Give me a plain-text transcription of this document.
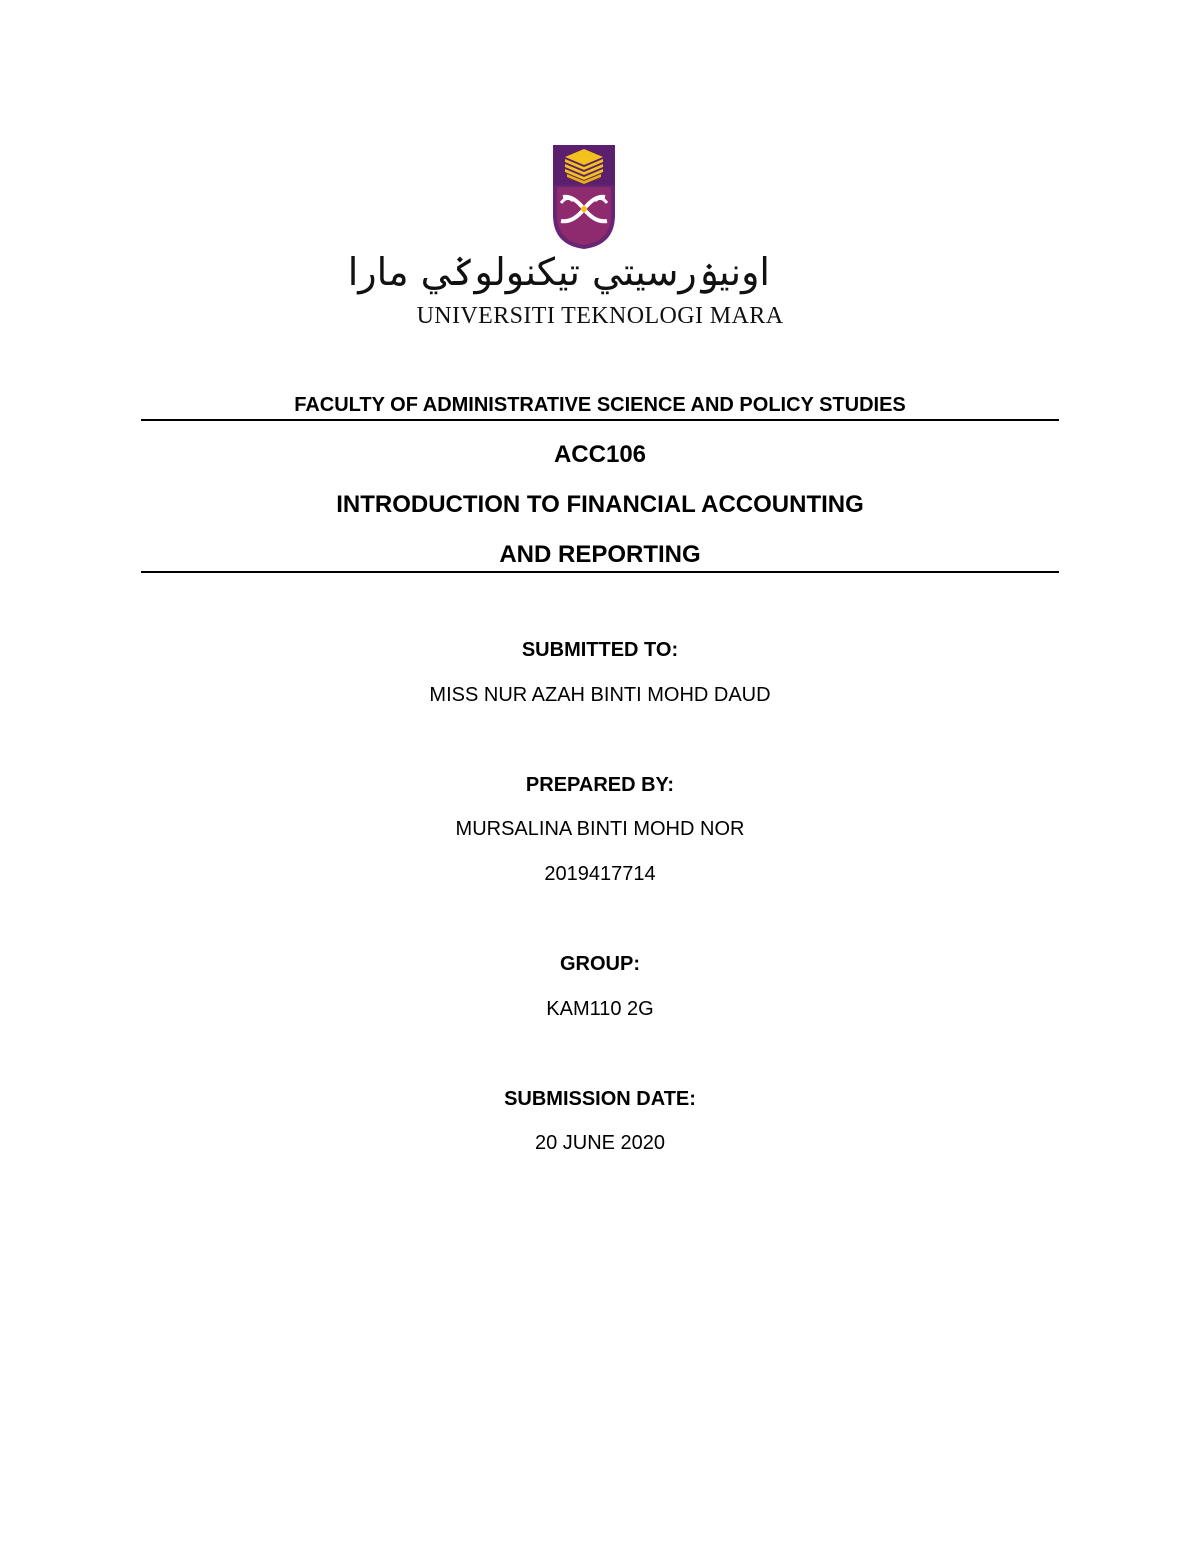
اونيۏرسيتي تيكنولوݢي مارا
UNIVERSITI TEKNOLOGI MARA
FACULTY OF ADMINISTRATIVE SCIENCE AND POLICY STUDIES
ACC106
INTRODUCTION TO FINANCIAL ACCOUNTING
AND REPORTING
SUBMITTED TO:
MISS NUR AZAH BINTI MOHD DAUD
PREPARED BY:
MURSALINA BINTI MOHD NOR
2019417714
GROUP:
KAM110 2G
SUBMISSION DATE:
20 JUNE 2020
